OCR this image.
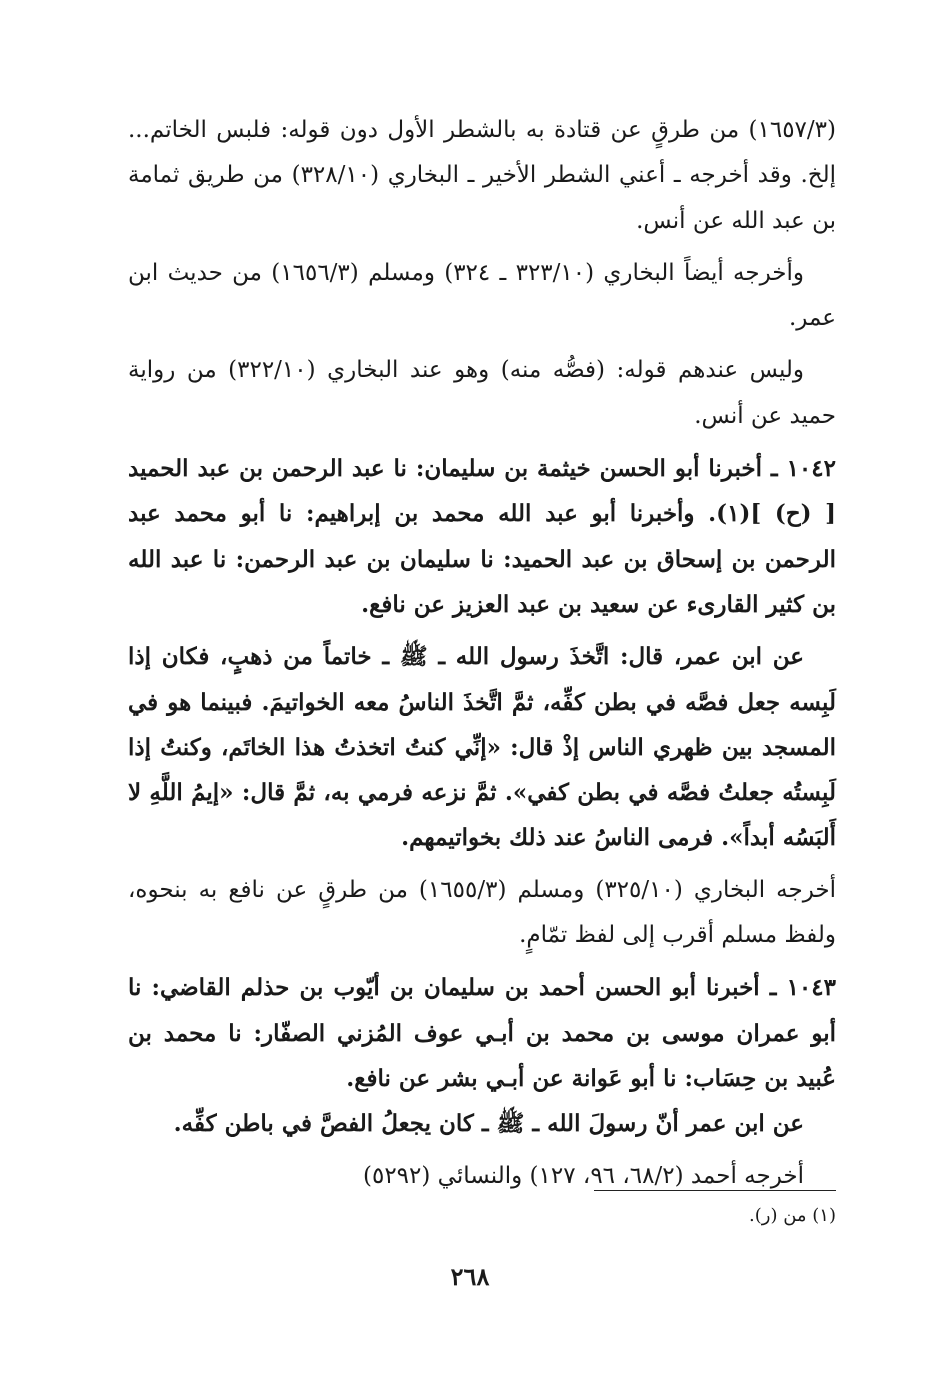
(١٦٥٧/٣) من طرقٍ عن قتادة به بالشطر الأول دون قوله: فلبس الخاتم... إلخ. وقد أخرجه ـ أعني الشطر الأخير ـ البخاري (٣٢٨/١٠) من طريق ثمامة بن عبد الله عن أنس.

وأخرجه أيضاً البخاري (٣٢٣/١٠ ـ ٣٢٤) ومسلم (١٦٥٦/٣) من حديث ابن عمر.

وليس عندهم قوله: (فصُّه منه) وهو عند البخاري (٣٢٢/١٠) من رواية حميد عن أنس.

١٠٤٢ ـ أخبرنا أبو الحسن خيثمة بن سليمان: نا عبد الرحمن بن عبد الحميد [ (ح) ](١). وأخبرنا أبو عبد الله محمد بن إبراهيم: نا أبو محمد عبد الرحمن بن إسحاق بن عبد الحميد: نا سليمان بن عبد الرحمن: نا عبد الله بن كثير القارىء عن سعيد بن عبد العزيز عن نافع.

عن ابن عمر، قال: اتَّخذَ رسول الله ـ ﷺ ـ خاتماً من ذهبٍ، فكان إذا لَبِسه جعل فصَّه في بطن كفِّه، ثمَّ اتَّخذَ الناسُ معه الخواتيمَ. فبينما هو في المسجد بين ظهري الناس إذْ قال: «إنِّي كنتُ اتخذتُ هذا الخاتَم، وكنتُ إذا لَبِستُه جعلتُ فصَّه في بطن كفي». ثمَّ نزعه فرمي به، ثمَّ قال: «إيمُ اللَّهِ لا أَلبَسُه أبداً». فرمى الناسُ عند ذلك بخواتيمهم.

أخرجه البخاري (٣٢٥/١٠) ومسلم (١٦٥٥/٣) من طرقٍ عن نافع به بنحوه، ولفظ مسلم أقرب إلى لفظ تمّامٍ.

١٠٤٣ ـ أخبرنا أبو الحسن أحمد بن سليمان بن أيّوب بن حذلم القاضي: نا أبو عمران موسى بن محمد بن أبـي عوف المُزني الصفّار: نا محمد بن عُبيد بن حِسَاب: نا أبو عَوانة عن أبـي بشر عن نافع.

عن ابن عمر أنّ رسولَ الله ـ ﷺ ـ كان يجعلُ الفصَّ في باطن كفِّه.

أخرجه أحمد (٦٨/٢، ٩٦، ١٢٧) والنسائي (٥٢٩٢)

(١) من (ر).
٢٦٨
